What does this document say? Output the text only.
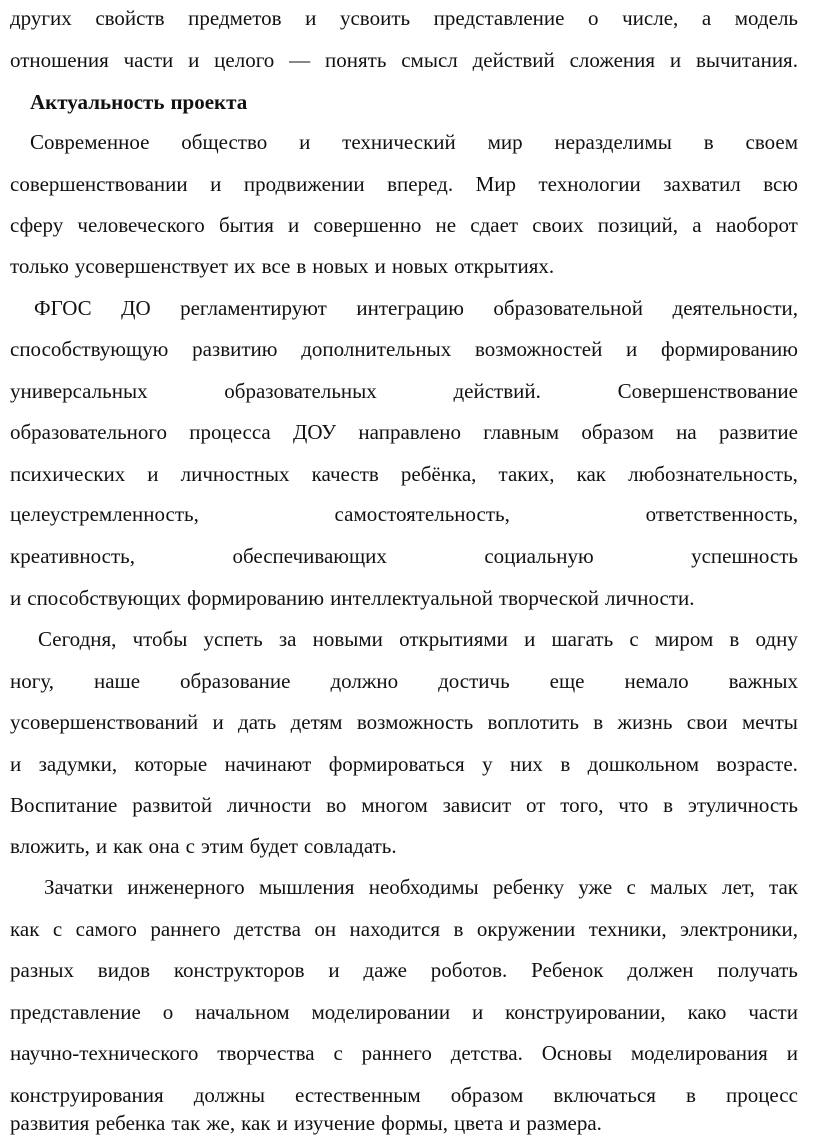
других свойств предметов и усвоить представление о числе, а модель
отношения части и целого — понять смысл действий сложения и вычитания.
Актуальность проекта
Современное общество и технический мир неразделимы в своем
совершенствовании и продвижении вперед. Мир технологии захватил всю
сферу человеческого бытия и совершенно не сдает своих позиций, а наоборот
только усовершенствует их все в новых и новых открытиях.
ФГОС ДО регламентируют интеграцию образовательной деятельности,
способствующую развитию дополнительных возможностей и формированию
универсальных	образовательных	действий.	Совершенствование
образовательного процесса ДОУ направлено главным образом на развитие
психических и личностных качеств ребёнка, таких, как любознательность,
целеустремленность,	самостоятельность,	ответственность,
креативность,	обеспечивающих	социальную	успешность
и способствующих формированию интеллектуальной творческой личности.
Сегодня, чтобы успеть за новыми открытиями и шагать с миром в одну
ногу, наше образование должно достичь еще немало важных
усовершенствований и дать детям возможность воплотить в жизнь свои мечты
и задумки, которые начинают формироваться у них в дошкольном возрасте.
Воспитание развитой личности во многом зависит от того, что в этуличность
вложить, и как она с этим будет совладать.
Зачатки инженерного мышления необходимы ребенку уже с малых лет, так
как с самого раннего детства он находится в окружении техники, электроники,
разных видов конструкторов и даже роботов. Ребенок должен получать
представление о начальном моделировании и конструировании, како части
научно-технического творчества с раннего детства. Основы моделирования и
конструирования должны естественным образом включаться в процесс
развития ребенка так же, как и изучение формы, цвета и размера.
